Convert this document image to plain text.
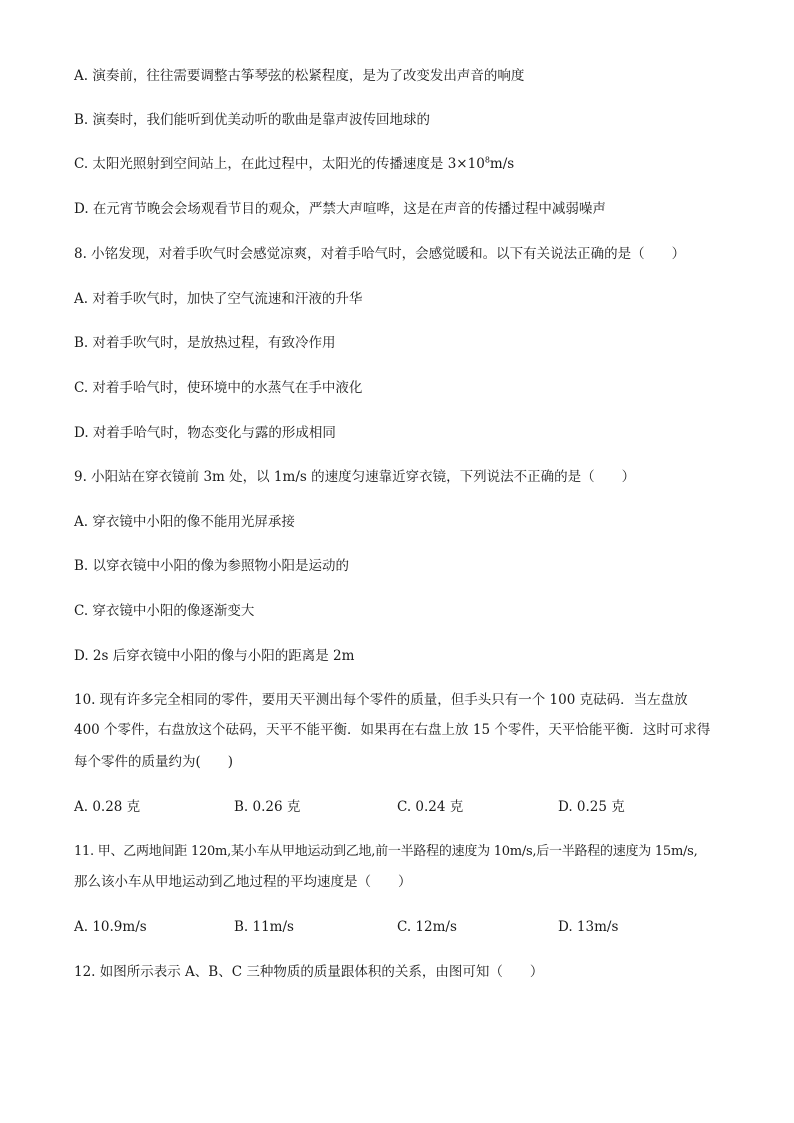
A. 演奏前，往往需要调整古筝琴弦的松紧程度，是为了改变发出声音的响度
B. 演奏时，我们能听到优美动听的歌曲是靠声波传回地球的
C. 太阳光照射到空间站上，在此过程中，太阳光的传播速度是 $3\times 10^8m/s$
D. 在元宵节晚会会场观看节目的观众，严禁大声喧哗，这是在声音的传播过程中减弱噪声
8. 小铭发现，对着手吹气时会感觉凉爽，对着手哈气时，会感觉暖和。以下有关说法正确的是（　　）
A. 对着手吹气时，加快了空气流速和汗液的升华
B. 对着手吹气时，是放热过程，有致冷作用
C. 对着手哈气时，使环境中的水蒸气在手中液化
D. 对着手哈气时，物态变化与露的形成相同
9. 小阳站在穿衣镜前 3m 处，以 1m/s 的速度匀速靠近穿衣镜，下列说法不正确的是（　　）
A. 穿衣镜中小阳的像不能用光屏承接
B. 以穿衣镜中小阳的像为参照物小阳是运动的
C. 穿衣镜中小阳的像逐渐变大
D. 2s 后穿衣镜中小阳的像与小阳的距离是 2m
10. 现有许多完全相同的零件，要用天平测出每个零件的质量，但手头只有一个 100 克砝码．当左盘放
400 个零件，右盘放这个砝码，天平不能平衡．如果再在右盘上放 15 个零件，天平恰能平衡．这时可求得
每个零件的质量约为(　　)
A. 0.28 克	B. 0.26 克	C. 0.24 克	D. 0.25 克
11. 甲、乙两地间距 120m,某小车从甲地运动到乙地,前一半路程的速度为 10m/s,后一半路程的速度为 15m/s,
那么该小车从甲地运动到乙地过程的平均速度是（　　）
A. 10.9m/s	B. 11m/s	C. 12m/s	D. 13m/s
12. 如图所示表示 A、B、C 三种物质的质量跟体积的关系，由图可知（　　）
